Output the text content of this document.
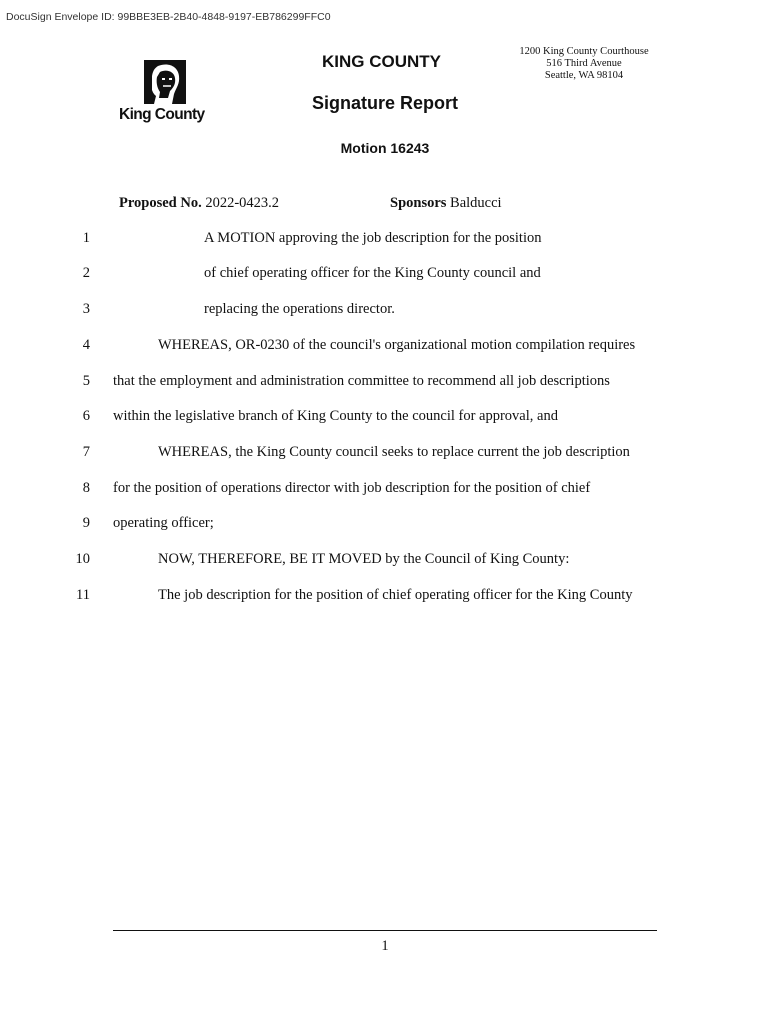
DocuSign Envelope ID: 99BBE3EB-2B40-4848-9197-EB786299FFC0
King County
KING COUNTY
1200 King County Courthouse
516 Third Avenue
Seattle, WA 98104
Signature Report
Motion 16243
Proposed No. 2022-0423.2	Sponsors Balducci
1	A MOTION approving the job description for the position
2	of chief operating officer for the King County council and
3	replacing the operations director.
4	WHEREAS, OR-0230 of the council's organizational motion compilation requires
5 that the employment and administration committee to recommend all job descriptions
6 within the legislative branch of King County to the council for approval, and
7	WHEREAS, the King County council seeks to replace current the job description
8 for the position of operations director with job description for the position of chief
9 operating officer;
10	NOW, THEREFORE, BE IT MOVED by the Council of King County:
11	The job description for the position of chief operating officer for the King County
1
